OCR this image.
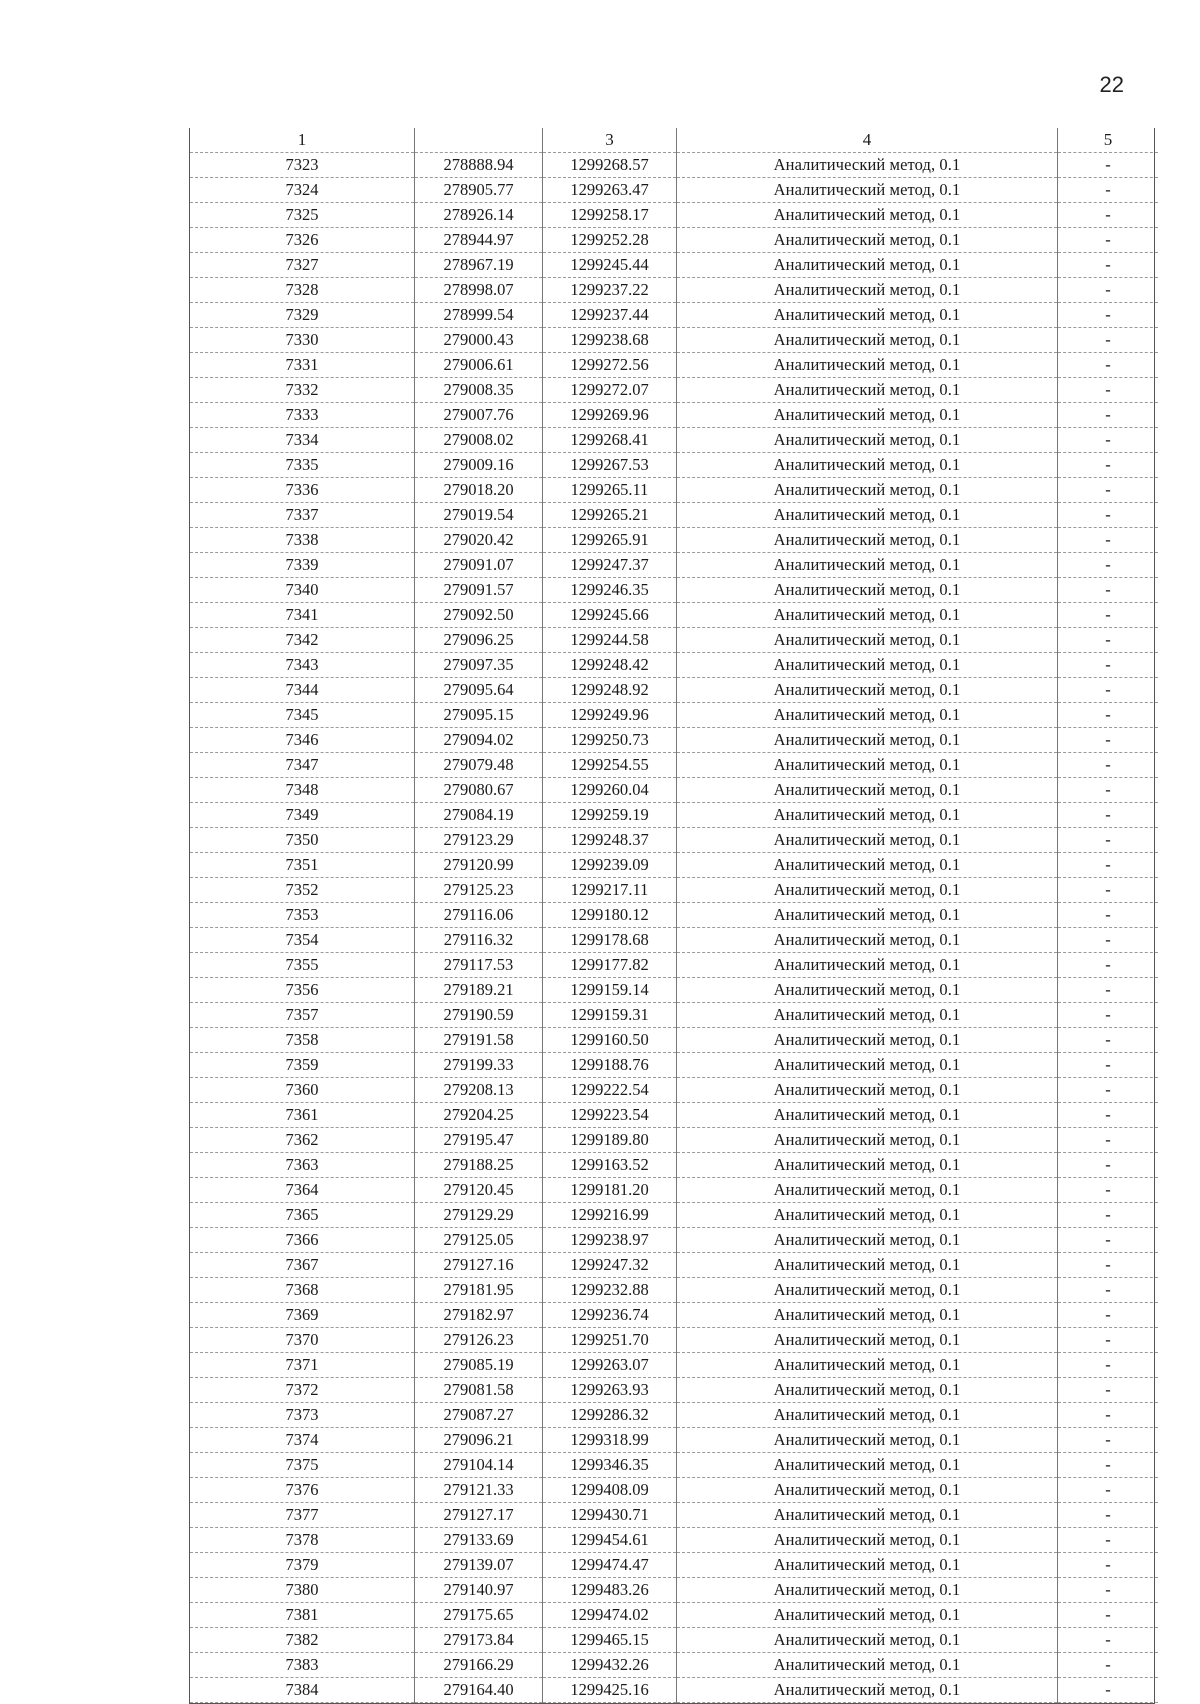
22
1		3	4	5
7323	278888.94	1299268.57	Аналитический метод, 0.1	-
7324	278905.77	1299263.47	Аналитический метод, 0.1	-
7325	278926.14	1299258.17	Аналитический метод, 0.1	-
7326	278944.97	1299252.28	Аналитический метод, 0.1	-
7327	278967.19	1299245.44	Аналитический метод, 0.1	-
7328	278998.07	1299237.22	Аналитический метод, 0.1	-
7329	278999.54	1299237.44	Аналитический метод, 0.1	-
7330	279000.43	1299238.68	Аналитический метод, 0.1	-
7331	279006.61	1299272.56	Аналитический метод, 0.1	-
7332	279008.35	1299272.07	Аналитический метод, 0.1	-
7333	279007.76	1299269.96	Аналитический метод, 0.1	-
7334	279008.02	1299268.41	Аналитический метод, 0.1	-
7335	279009.16	1299267.53	Аналитический метод, 0.1	-
7336	279018.20	1299265.11	Аналитический метод, 0.1	-
7337	279019.54	1299265.21	Аналитический метод, 0.1	-
7338	279020.42	1299265.91	Аналитический метод, 0.1	-
7339	279091.07	1299247.37	Аналитический метод, 0.1	-
7340	279091.57	1299246.35	Аналитический метод, 0.1	-
7341	279092.50	1299245.66	Аналитический метод, 0.1	-
7342	279096.25	1299244.58	Аналитический метод, 0.1	-
7343	279097.35	1299248.42	Аналитический метод, 0.1	-
7344	279095.64	1299248.92	Аналитический метод, 0.1	-
7345	279095.15	1299249.96	Аналитический метод, 0.1	-
7346	279094.02	1299250.73	Аналитический метод, 0.1	-
7347	279079.48	1299254.55	Аналитический метод, 0.1	-
7348	279080.67	1299260.04	Аналитический метод, 0.1	-
7349	279084.19	1299259.19	Аналитический метод, 0.1	-
7350	279123.29	1299248.37	Аналитический метод, 0.1	-
7351	279120.99	1299239.09	Аналитический метод, 0.1	-
7352	279125.23	1299217.11	Аналитический метод, 0.1	-
7353	279116.06	1299180.12	Аналитический метод, 0.1	-
7354	279116.32	1299178.68	Аналитический метод, 0.1	-
7355	279117.53	1299177.82	Аналитический метод, 0.1	-
7356	279189.21	1299159.14	Аналитический метод, 0.1	-
7357	279190.59	1299159.31	Аналитический метод, 0.1	-
7358	279191.58	1299160.50	Аналитический метод, 0.1	-
7359	279199.33	1299188.76	Аналитический метод, 0.1	-
7360	279208.13	1299222.54	Аналитический метод, 0.1	-
7361	279204.25	1299223.54	Аналитический метод, 0.1	-
7362	279195.47	1299189.80	Аналитический метод, 0.1	-
7363	279188.25	1299163.52	Аналитический метод, 0.1	-
7364	279120.45	1299181.20	Аналитический метод, 0.1	-
7365	279129.29	1299216.99	Аналитический метод, 0.1	-
7366	279125.05	1299238.97	Аналитический метод, 0.1	-
7367	279127.16	1299247.32	Аналитический метод, 0.1	-
7368	279181.95	1299232.88	Аналитический метод, 0.1	-
7369	279182.97	1299236.74	Аналитический метод, 0.1	-
7370	279126.23	1299251.70	Аналитический метод, 0.1	-
7371	279085.19	1299263.07	Аналитический метод, 0.1	-
7372	279081.58	1299263.93	Аналитический метод, 0.1	-
7373	279087.27	1299286.32	Аналитический метод, 0.1	-
7374	279096.21	1299318.99	Аналитический метод, 0.1	-
7375	279104.14	1299346.35	Аналитический метод, 0.1	-
7376	279121.33	1299408.09	Аналитический метод, 0.1	-
7377	279127.17	1299430.71	Аналитический метод, 0.1	-
7378	279133.69	1299454.61	Аналитический метод, 0.1	-
7379	279139.07	1299474.47	Аналитический метод, 0.1	-
7380	279140.97	1299483.26	Аналитический метод, 0.1	-
7381	279175.65	1299474.02	Аналитический метод, 0.1	-
7382	279173.84	1299465.15	Аналитический метод, 0.1	-
7383	279166.29	1299432.26	Аналитический метод, 0.1	-
7384	279164.40	1299425.16	Аналитический метод, 0.1	-
